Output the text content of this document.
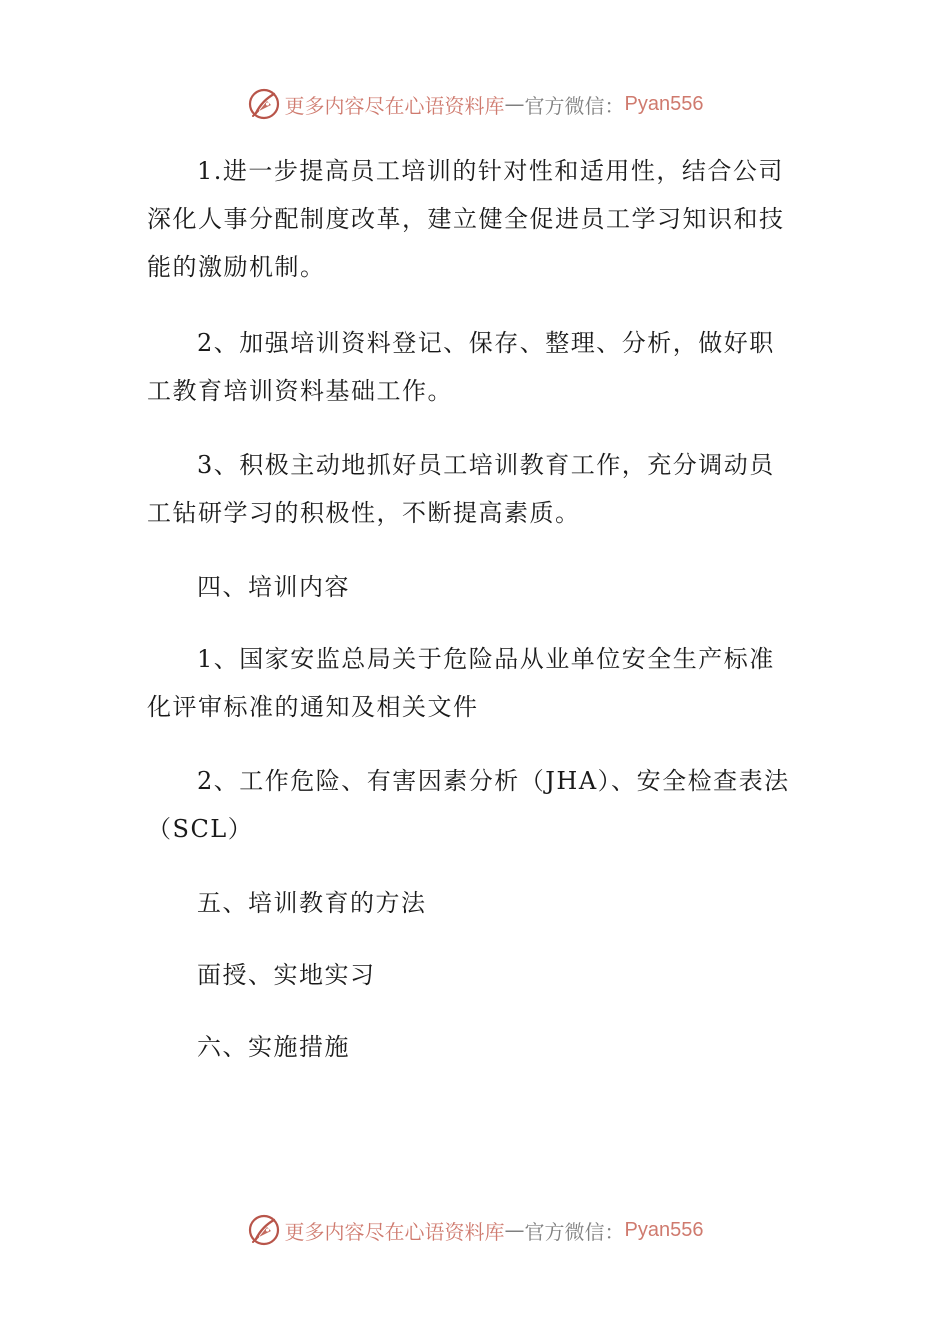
更多内容尽在心语资料库 — 官方微信： Pyan556

1.进一步提高员工培训的针对性和适用性，结合公司深化人事分配制度改革，建立健全促进员工学习知识和技能的激励机制。

2、加强培训资料登记、保存、整理、分析，做好职工教育培训资料基础工作。

3、积极主动地抓好员工培训教育工作，充分调动员工钻研学习的积极性，不断提高素质。

四、培训内容

1、国家安监总局关于危险品从业单位安全生产标准化评审标准的通知及相关文件

2、工作危险、有害因素分析（JHA）、安全检查表法（SCL）

五、培训教育的方法

面授、实地实习

六、实施措施

更多内容尽在心语资料库 — 官方微信： Pyan556
